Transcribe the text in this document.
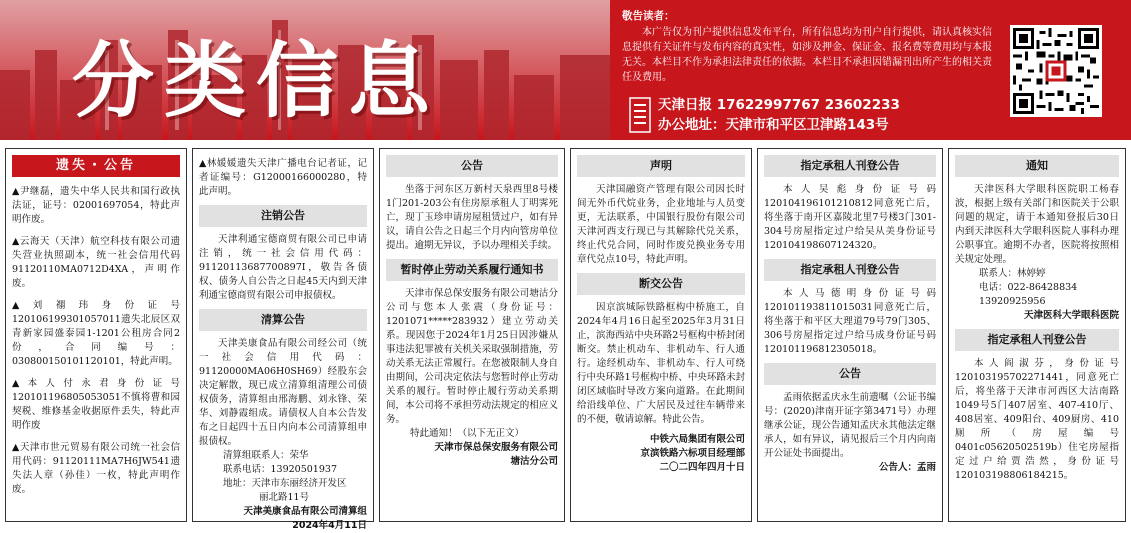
分类信息
敬告读者：
本广告仅为刊户提供信息发布平台，所有信息均为刊户自行提供，请认真核实信息提供有关证件与发布内容的真实性，如涉及押金、保证金、报名费等费用均与本报无关。本栏目不作为承担法律责任的依据。本栏目不承担因错漏刊出所产生的相关责任及费用。
天津日报 17622997767 23602233
办公地址：天津市和平区卫津路143号
遗失・公告
▲尹继磊，遗失中华人民共和国行政执法证，证号：02001697054，特此声明作废。
▲云海天（天津）航空科技有限公司遗失营业执照副本，统一社会信用代码91120110MA0712D4XA，声明作废。
▲刘禤玮身份证号120106199301057011遗失北辰区双青新家园盛泰园1-1201公租房合同2份，合同编号：030800150101120101，特此声明。
▲本人付永君身份证号120101196805053051不慎将曹和园契税、维修基金收据原件丢失，特此声明作废
▲天津市世元贸易有限公司统一社会信用代码：91120111MA7H6JW541遗失法人章（孙佳）一枚，特此声明作废。
▲林媛媛遗失天津广播电台记者证，记者证编号：G12000166000280，特此声明。
注销公告
天津利通宝德商贸有限公司已申请注销，统一社会信用代码：91120113687700897I，敬告各债权、债务人自公告之日起45天内到天津利通宝德商贸有限公司申报债权。
清算公告
天津美康食品有限公司经公司（统一社会信用代码：91120000MA06H0SH69）经股东会决定解散，现已成立清算组清理公司债权债务，清算组由邢海鹏、刘永锋、荣华、刘静霞组成。请债权人自本公告发布之日起四十五日内向本公司清算组申报债权。
清算组联系人：荣华
联系电话：13920501937
地址：天津市东丽经济开发区
丽北路11号
天津美康食品有限公司清算组
2024年4月11日
公告
坐落于河东区万新村天泉西里8号楼1门201-203公有住房原承租人丁明霁死亡，现丁玉珍申请房屋租赁过户，如有异议，请自公告之日起三个月内向管房单位提出。逾期无异议，予以办理相关手续。
暂时停止劳动关系履行通知书
天津市保总保安服务有限公司塘沽分公司与您本人张震（身份证号：1201071*****283932）建立劳动关系。现因您于2024年1月25日因涉嫌从事违法犯罪被有关机关采取强制措施，劳动关系无法正常履行。在您被限制人身自由期间，公司决定依法与您暂时停止劳动关系的履行。暂时停止履行劳动关系期间，本公司将不承担劳动法规定的相应义务。
特此通知！（以下无正文）
天津市保总保安服务有限公司
塘沽分公司
声明
天津国融资产管理有限公司因长时间无外币代烷业务，企业地址与人员变更，无法联系，中国银行股份有限公司天津河西支行现已与其解除代兑关系，终止代兑合同，同时作废兑换业务专用章代兑点10号，特此声明。
断交公告
因京滨城际铁路框构中桥施工，自2024年4月16日起至2025年3月31日止，滨海西站中央环路2号框构中桥封闭断交。禁止机动车、非机动车、行人通行。途经机动车、非机动车、行人可绕行中央环路1号框构中桥、中央环路未封闭区域临时导改方案向道路。在此期间给沿线单位、广大居民及过往车辆带来的不便，敬请谅解。特此公告。
中铁六局集团有限公司
京滨铁路六标项目经理部
二〇二四年四月十日
指定承租人刊登公告
本人吴彪身份证号码120104196101210812同意死亡后，将坐落于南开区嘉陵北里7号楼3门301-304号房屋指定过户给吴从美身份证号120104198607124320。
指定承租人刊登公告
本人马德明身份证号码120101193811015031同意死亡后，将坐落于和平区大理道79号79门305、306号房屋指定过户给马成身份证号码120101196812305018。
公告
孟雨依据孟庆永生前遗嘱（公证书编号：(2020)津南开证字第3471号）办理继承公证，现公告通知孟庆永其他法定继承人，如有异议，请见报后三个月内向南开公证处书面提出。
公告人：孟雨
通知
天津医科大学眼科医院职工杨春波，根据上级有关部门和医院关于公职问题的规定，请于本通知登报后30日内到天津医科大学眼科医院人事科办理公职事宜。逾期不办者，医院将按照相关规定处理。
联系人：林婷婷
电话：022-86428834 13920925956
天津医科大学眼科医院
指定承租人刊登公告
本人阎淑芬，身份证号120103195702271441，同意死亡后，将坐落于天津市河西区大沽南路1049号5门407居室、407-410厅、408居室、409阳台、409厨房、410厕所（房屋编号0401c05620502519b）住宅房屋指定过户给贾浩然，身份证号120103198806184215。
